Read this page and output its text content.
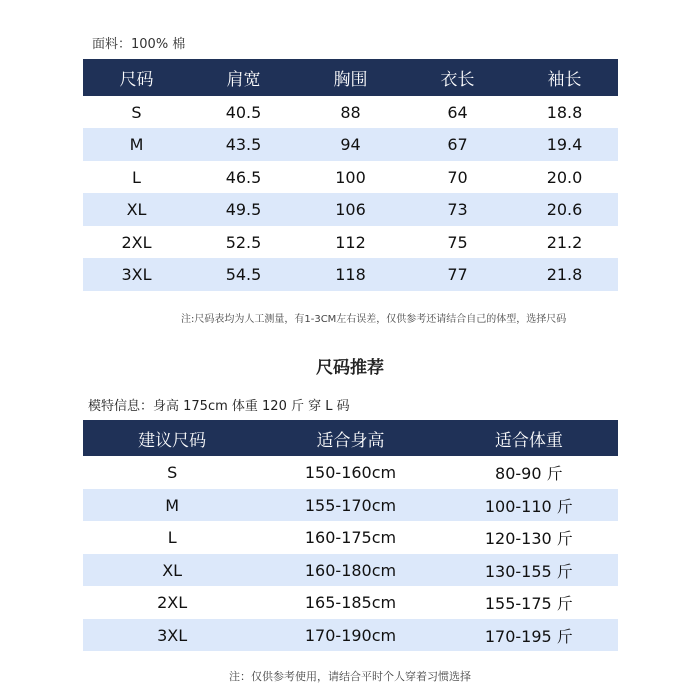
面料：100% 棉
尺码	肩宽	胸围	衣长	袖长
S	40.5	88	64	18.8
M	43.5	94	67	19.4
L	46.5	100	70	20.0
XL	49.5	106	73	20.6
2XL	52.5	112	75	21.2
3XL	54.5	118	77	21.8
注:尺码表均为人工测量，有1-3CM左右误差，仅供参考还请结合自己的体型，选择尺码
尺码推荐
模特信息：身高 175cm 体重 120 斤 穿 L 码
建议尺码	适合身高	适合体重
S	150-160cm	80-90 斤
M	155-170cm	100-110 斤
L	160-175cm	120-130 斤
XL	160-180cm	130-155 斤
2XL	165-185cm	155-175 斤
3XL	170-190cm	170-195 斤
注：仅供参考使用，请结合平时个人穿着习惯选择
